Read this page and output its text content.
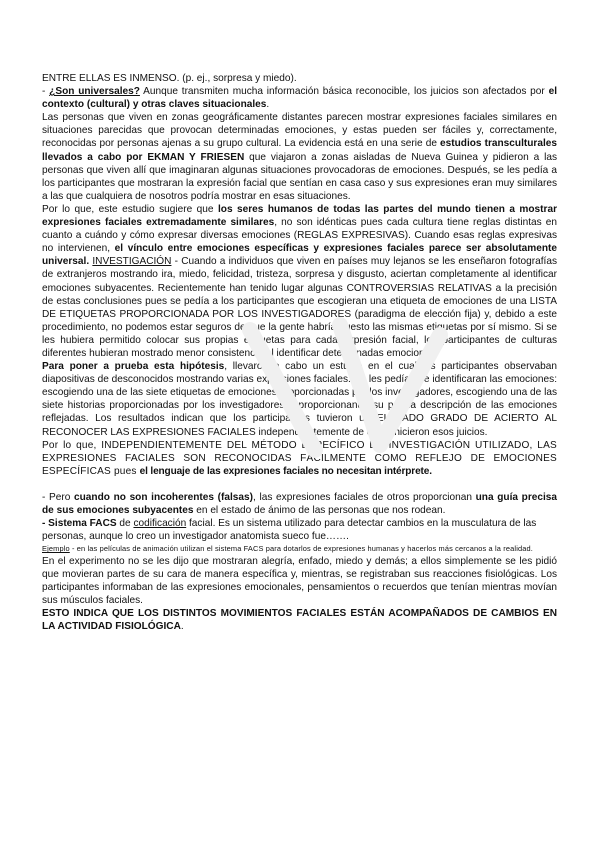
ENTRE ELLAS ES INMENSO. (p. ej., sorpresa y miedo).

- ¿Son universales? Aunque transmiten mucha información básica reconocible, los juicios son afectados por el contexto (cultural) y otras claves situacionales.

Las personas que viven en zonas geográficamente distantes parecen mostrar expresiones faciales similares en situaciones parecidas que provocan determinadas emociones, y estas pueden ser fáciles y, correctamente, reconocidas por personas ajenas a su grupo cultural. La evidencia está en una serie de estudios transculturales llevados a cabo por EKMAN Y FRIESEN que viajaron a zonas aisladas de Nueva Guinea y pidieron a las personas que viven allí que imaginaran algunas situaciones provocadoras de emociones. Después, se les pedía a los participantes que mostraran la expresión facial que sentían en casa caso y sus expresiones eran muy similares a las que cualquiera de nosotros podría mostrar en esas situaciones.

Por lo que, este estudio sugiere que los seres humanos de todas las partes del mundo tienen a mostrar expresiones faciales extremadamente similares, no son idénticas pues cada cultura tiene reglas distintas en cuanto a cuándo y cómo expresar diversas emociones (REGLAS EXPRESIVAS). Cuando esas reglas expresivas no intervienen, el vínculo entre emociones específicas y expresiones faciales parece ser absolutamente universal. INVESTIGACIÓN - Cuando a individuos que viven en países muy lejanos se les enseñaron fotografías de extranjeros mostrando ira, miedo, felicidad, tristeza, sorpresa y disgusto, aciertan completamente al identificar emociones subyacentes. Recientemente han tenido lugar algunas CONTROVERSIAS RELATIVAS a la precisión de estas conclusiones pues se pedía a los participantes que escogieran una etiqueta de emociones de una LISTA DE ETIQUETAS PROPORCIONADA POR LOS INVESTIGADORES (paradigma de elección fija) y, debido a este procedimiento, no podemos estar seguros de que la gente habría puesto las mismas etiquetas por sí mismo. Si se les hubiera permitido colocar sus propias etiquetas para cada expresión facial, los participantes de culturas diferentes hubieran mostrado menor consistencia al identificar determinadas emociones.

Para poner a prueba esta hipótesis, llevaron a cabo un estudio en el cual los participantes observaban diapositivas de desconocidos mostrando varias expresiones faciales. Se les pedía que identificaran las emociones: escogiendo una de las siete etiquetas de emociones proporcionadas por los investigadores, escogiendo una de las siete historias proporcionadas por los investigadores o proporcionando su propia descripción de las emociones reflejadas. Los resultados indican que los participantes tuvieron un ELEVADO GRADO DE ACIERTO AL RECONOCER LAS EXPRESIONES FACIALES independientemente de cómo hicieron esos juicios.

Por lo que, INDEPENDIENTEMENTE DEL MÉTODO ESPECÍFICO DE INVESTIGACIÓN UTILIZADO, LAS EXPRESIONES FACIALES SON RECONOCIDAS FÁCILMENTE COMO REFLEJO DE EMOCIONES ESPECÍFICAS pues el lenguaje de las expresiones faciales no necesitan intérprete.

- Pero cuando no son incoherentes (falsas), las expresiones faciales de otros proporcionan una guía precisa de sus emociones subyacentes en el estado de ánimo de las personas que nos rodean.

- Sistema FACS de codificación facial. Es un sistema utilizado para detectar cambios en la musculatura de las personas, aunque lo creo un investigador anatomista sueco fue…….

Ejemplo - en las películas de animación utilizan el sistema FACS para dotarlos de expresiones humanas y hacerlos más cercanos a la realidad.

En el experimento no se les dijo que mostraran alegría, enfado, miedo y demás; a ellos simplemente se les pidió que movieran partes de su cara de manera específica y, mientras, se registraban sus reacciones fisiológicas. Los participantes informaban de las expresiones emocionales, pensamientos o recuerdos que tenían mientras movían sus músculos faciales.

ESTO INDICA QUE LOS DISTINTOS MOVIMIENTOS FACIALES ESTÁN ACOMPAÑADOS DE CAMBIOS EN LA ACTIVIDAD FISIOLÓGICA.
